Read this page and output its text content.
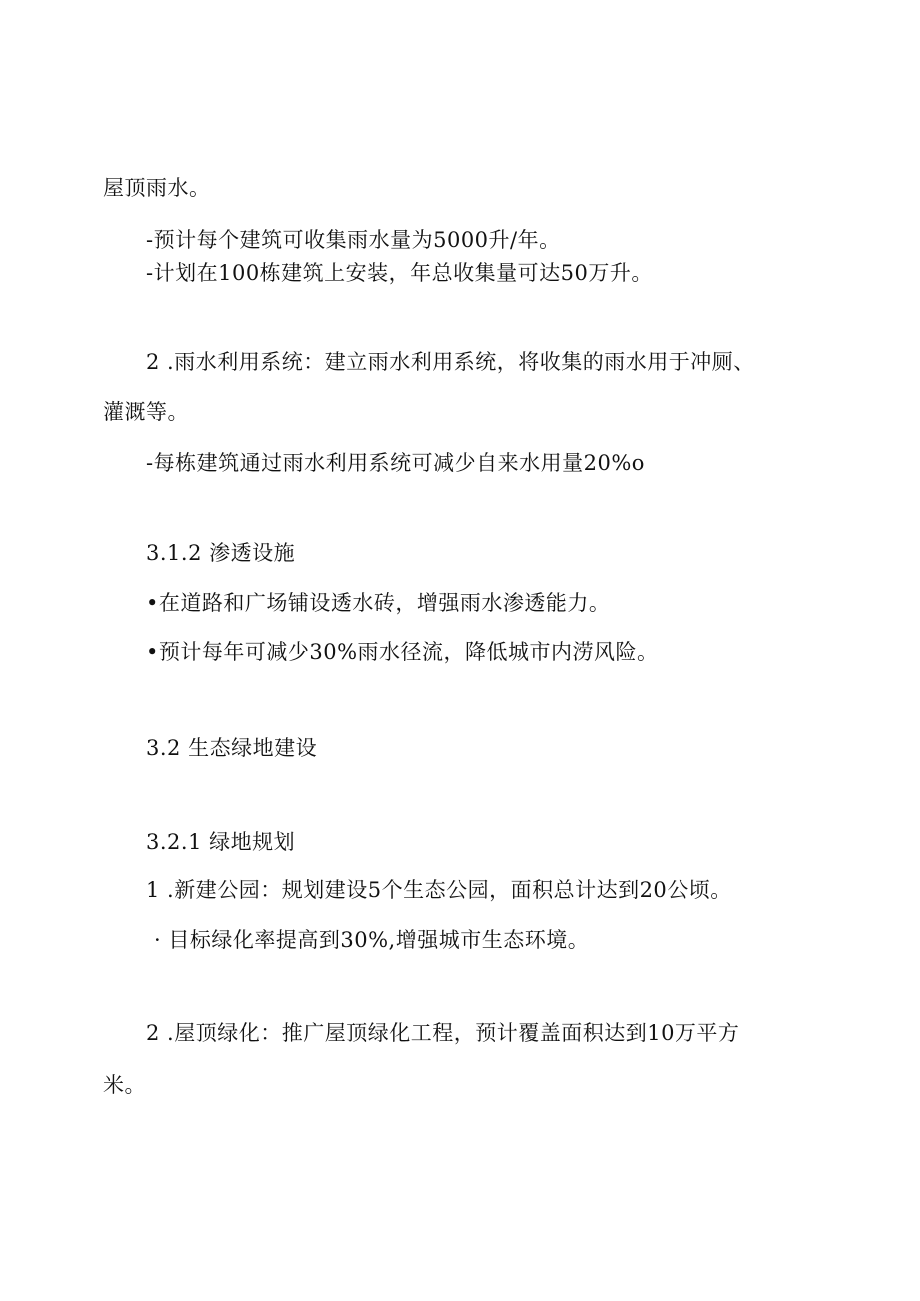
屋顶雨水。
-预计每个建筑可收集雨水量为5000升/年。
-计划在100栋建筑上安装，年总收集量可达50万升。
2 .雨水利用系统：建立雨水利用系统，将收集的雨水用于冲厕、
灌溉等。
-每栋建筑通过雨水利用系统可减少自来水用量20%o
3.1.2 渗透设施
•在道路和广场铺设透水砖，增强雨水渗透能力。
•预计每年可减少30%雨水径流，降低城市内涝风险。
3.2 生态绿地建设
3.2.1 绿地规划
1 .新建公园：规划建设5个生态公园，面积总计达到20公顷。
· 目标绿化率提高到30%,增强城市生态环境。
2 .屋顶绿化：推广屋顶绿化工程，预计覆盖面积达到10万平方
米。
